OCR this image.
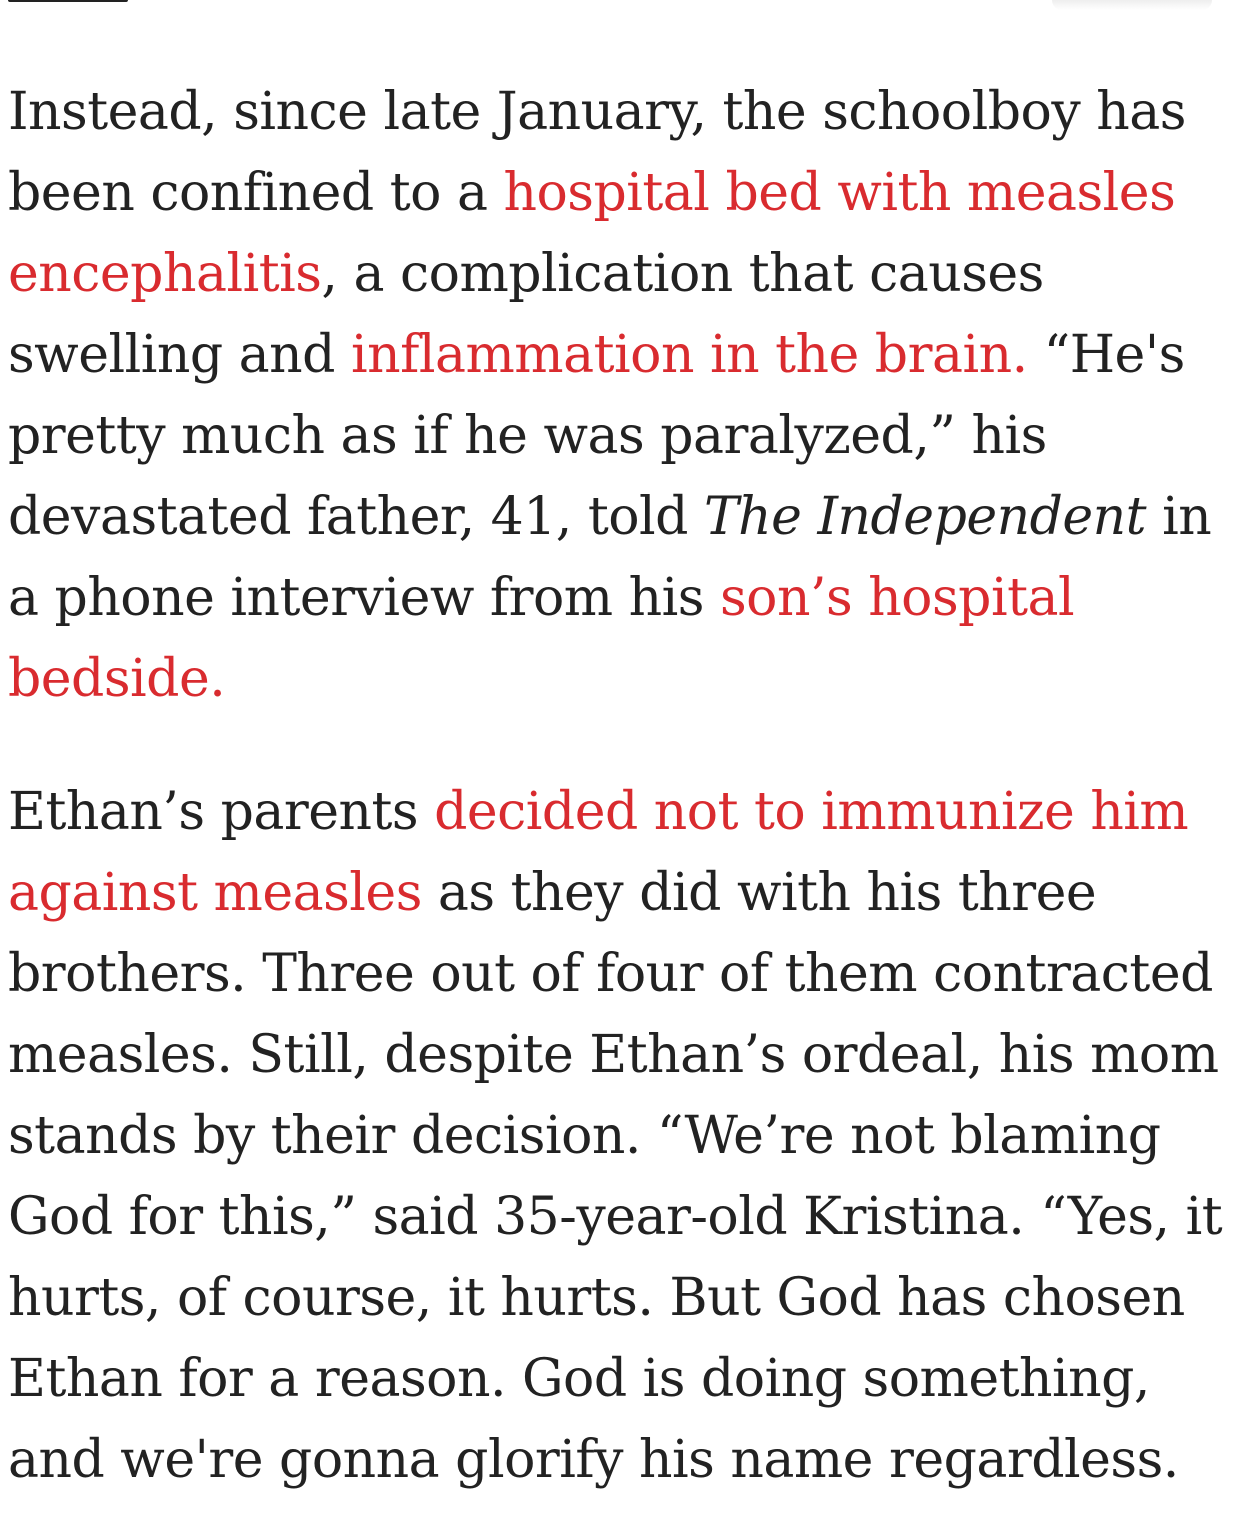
Instead, since late January, the schoolboy has been confined to a hospital bed with measles encephalitis, a complication that causes swelling and inflammation in the brain. “He's pretty much as if he was paralyzed,” his devastated father, 41, told The Independent in a phone interview from his son’s hospital bedside.

Ethan’s parents decided not to immunize him against measles as they did with his three brothers. Three out of four of them contracted measles. Still, despite Ethan’s ordeal, his mom stands by their decision. “We’re not blaming God for this,” said 35-year-old Kristina. “Yes, it hurts, of course, it hurts. But God has chosen Ethan for a reason. God is doing something, and we're gonna glorify his name regardless.
